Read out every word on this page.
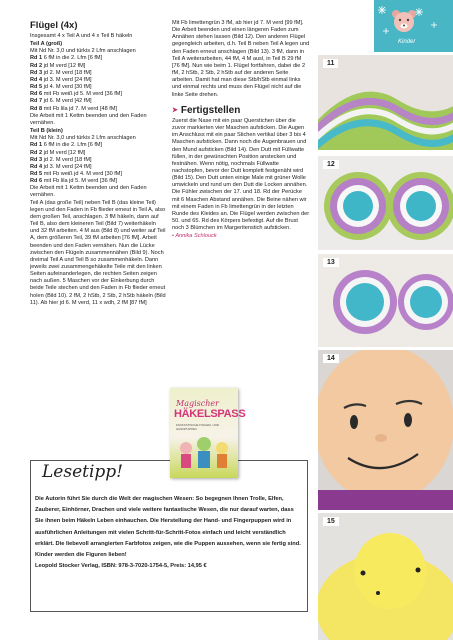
Kinder
Flügel (4x)

Insgesamt 4 x Teil A und 4 x Teil B häkeln

Teil A (groß)

Mit Nd Nr. 3,0 und türkis 2 Lfm anschlagen

Rd 1 6 fM in die 2. Lfm [6 fM]

Rd 2 jd M verd [12 fM]

Rd 3 jd 2. M verd [18 fM]

Rd 4 jd 3. M verd [24 fM]

Rd 5 jd 4. M verd [30 fM]

Rd 6 mit Fb weiß jd 5. M verd [36 fM]

Rd 7 jd 6. M verd [42 fM]

Rd 8 mit Fb lila jd 7. M verd [48 fM]

Die Arbeit mit 1 Kettm beenden und den Faden vernähen.

Teil B (klein)

Mit Nd Nr. 3,0 und türkis 2 Lfm anschlagen

Rd 1 6 fM in die 2. Lfm [6 fM]

Rd 2 jd M verd [12 fM]

Rd 3 jd 2. M verd [18 fM]

Rd 4 jd 3. M verd [24 fM]

Rd 5 mit Fb weiß jd 4. M verd [30 fM]

Rd 6 mit Fb lila jd 5. M verd [36 fM]

Die Arbeit mit 1 Kettm beenden und den Faden vernähen.

Teil A (das große Teil) neben Teil B (das kleine Teil) legen und den Faden in Fb flieder erneut in Teil A, also dem großen Teil, anschlagen. 3 fM häkeln, dann auf Teil B, also dem kleineren Teil (Bild 7) weiterhäkeln und 32 fM arbeiten. 4 M aus (Bild 8) und weiter auf Teil A, dem größeren Teil, 39 fM arbeiten [76 fM]. Arbeit beenden und den Faden vernähen. Nun die Lücke zwischen den Flügeln zusammennähen (Bild 9). Noch dreimal Teil A und Teil B so zusammenhäkeln. Dann jeweils zwei zusammengehäkelte Teile mit den linken Seiten aufeinanderlegen, die rechten Seiten zeigen nach außen. 5 Maschen vor der Einkerbung durch beide Teile stechen und den Faden in Fb flieder erneut holen (Bild 10). 2 fM, 2 hStb, 2 Stb, 2 hStb häkeln (Bild 11). Ab hier jd 6. M verd, 11 x wdh, 2 fM [87 fM]

Mit Fb limettengrün 3 fM, ab hier jd 7. M verd [99 fM]. Die Arbeit beenden und einen längeren Faden zum Annähen stehen lassen (Bild 12). Den anderen Flügel gegengleich arbeiten, d.h. Teil B neben Teil A legen und den Faden erneut anschlagen (Bild 13). 3 fM, dann in Teil A weiterarbeiten, 44 fM, 4 M ausl, in Teil B 29 fM [76 fM]. Nun wie beim 1. Flügel fortfahren, dabei die 2 fM, 2 hStb, 2 Stb, 2 hStb auf der anderen Seite arbeiten. Damit hat man diese Stb/hStb einmal links und einmal rechts und muss den Flügel nicht auf die linke Seite drehen.

➤ Fertigstellen

Zuerst die Nase mit ein paar Querstichen über die zuvor markierten vier Maschen aufsticken. Die Augen im Anschluss mit ein paar Stichen vertikal über 3 bis 4 Maschen aufsticken. Dann noch die Augenbrauen und den Mund aufsticken (Bild 14). Den Dutt mit Füllwatte füllen, in der gewünschten Position anstecken und festnähen. Wenn nötig, nochmals Füllwatte nachstopfen, bevor der Dutt komplett festgenäht wird (Bild 15). Den Dutt unten einige Male mit grüner Wolle umwickeln und rund um den Dutt die Locken annähen. Die Fühler zwischen der 17. und 18. Rd der Perücke mit 6 Maschen Abstand annähen. Die Beine nähen wir mit einem Faden in Fb limettengrün in der letzten Runde des Kleides an. Die Flügel werden zwischen der 50. und 65. Rd des Körpers befestigt. Auf die Brust noch 3 Blümchen im Margeritenstich aufsticken.

• Annika Schlouck

11
12
13
14
15
Magischer
HÄKELSPASS
FANTASTISCHE FINGER- UND HANDPUPPEN
Lesetipp!
Die Autorin führt Sie durch die Welt der magischen Wesen: So begegnen Ihnen Trolle, Elfen, Zauberer, Einhörner, Drachen und viele weitere fantastische Wesen, die nur darauf warten, dass Sie ihnen beim Häkeln Leben einhauchen. Die Herstellung der Hand- und Fingerpuppen wird in ausführlichen Anleitungen mit vielen Schritt-für-Schritt-Fotos einfach und leicht verständlich erklärt. Die liebevoll arrangierten Farbfotos zeigen, wie die Puppen aussehen, wenn sie fertig sind. Kinder werden die Figuren lieben!
Leopold Stocker Verlag, ISBN: 978-3-7020-1754-5, Preis: 14,95 €
